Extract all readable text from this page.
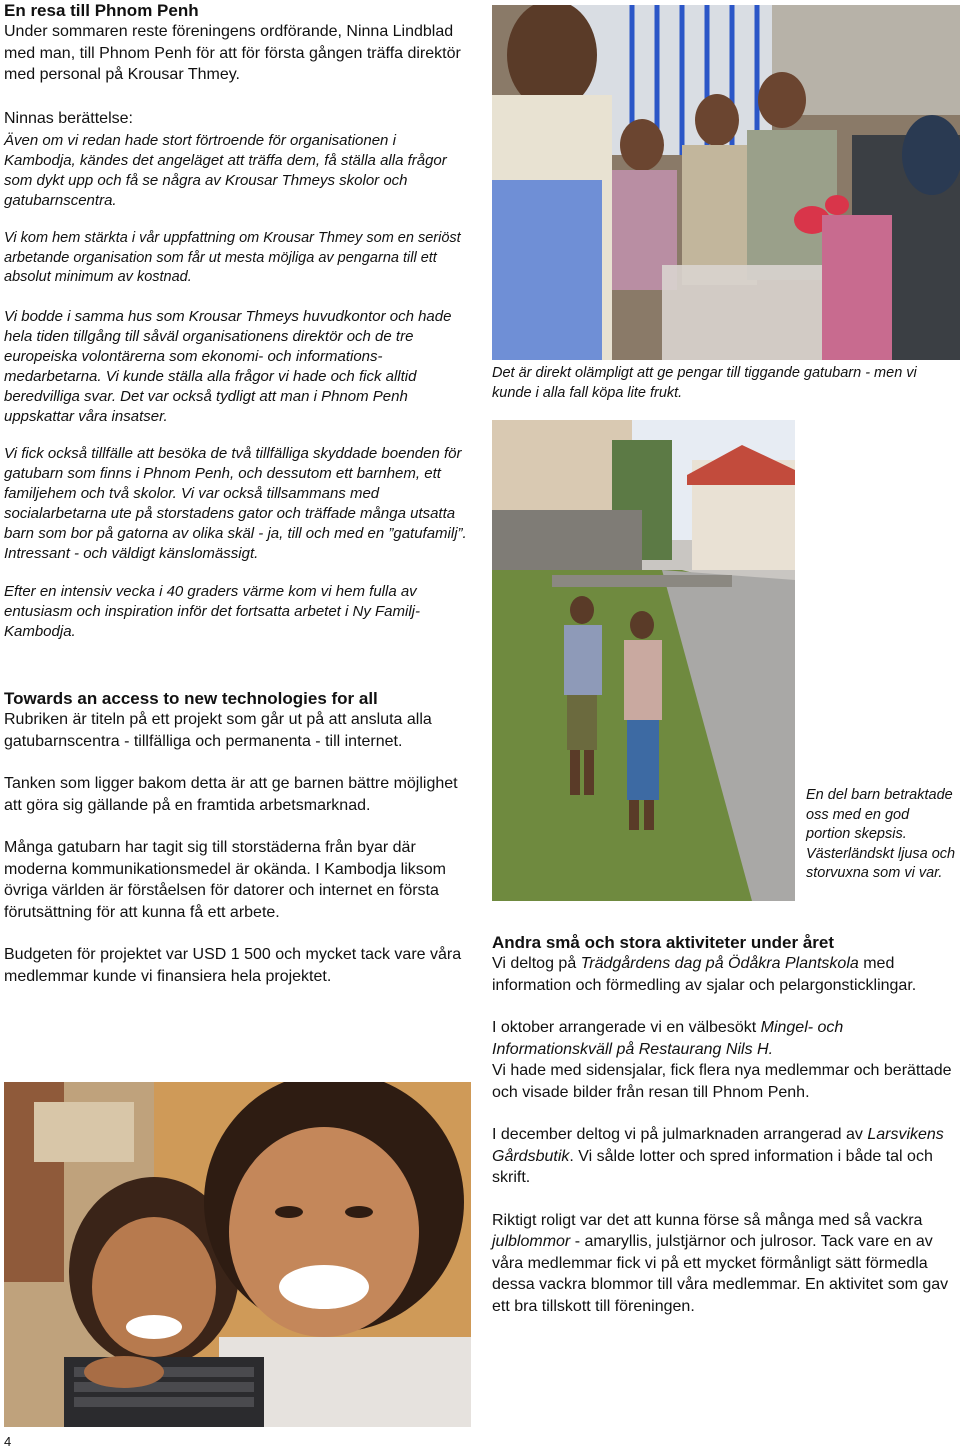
En resa till Phnom Penh

Under sommaren reste föreningens ordförande, Ninna Lindblad med man, till Phnom Penh för att för första gången träffa direktör med personal på Krousar Thmey.

Ninnas berättelse:

Även om vi redan hade stort förtroende för organisationen i Kambodja, kändes det angeläget att träffa dem, få ställa alla frågor som dykt upp och få se några av Krousar Thmeys skolor och gatubarnscentra.

Vi kom hem stärkta i vår uppfattning om Krousar Thmey som en seriöst arbetande organisation som får ut mesta möjliga av pengarna till ett absolut minimum av kostnad.
Vi bodde i samma hus som Krousar Thmeys huvudkontor och hade hela tiden tillgång till såväl organisationens direktör och de tre europeiska volontärerna som ekonomi- och informations-medarbetarna. Vi kunde ställa alla frågor vi hade och fick alltid beredvilliga svar. Det var också tydligt att man i Phnom Penh uppskattar våra insatser.
Vi fick också tillfälle att besöka de två tillfälliga skyddade boenden för gatubarn som finns i Phnom Penh, och dessutom ett barnhem, ett familjehem och två skolor. Vi var också tillsammans med socialarbetarna ute på storstadens gator och träffade många utsatta barn som bor på gatorna av olika skäl - ja, till och med en ”gatufamilj”. Intressant - och väldigt känslomässigt.
Efter en intensiv vecka i 40 graders värme kom vi hem fulla av entusiasm och inspiration inför det fortsatta arbetet i Ny Familj-Kambodja.

Towards an access to new technologies for all

Rubriken är titeln på ett projekt som går ut på att ansluta alla gatubarnscentra - tillfälliga och permanenta - till internet.

Tanken som ligger bakom detta är att ge barnen bättre möjlighet att göra sig gällande på en framtida arbetsmarknad.

Många gatubarn har tagit sig till storstäderna från byar där moderna kommunikationsmedel är okända. I Kambodja liksom övriga världen är förståelsen för datorer och internet en första förutsättning för att kunna få ett arbete.

Budgeten för projektet var USD 1 500 och mycket tack vare våra medlemmar kunde vi finansiera hela projektet.

Det är direkt olämpligt att ge pengar till tiggande gatubarn - men vi kunde i alla fall köpa lite frukt.
En del barn betraktade oss med en god portion skepsis. Västerländskt ljusa och storvuxna som vi var.

Andra små och stora aktiviteter under året

Vi deltog på Trädgårdens dag på Ödåkra Plantskola med information och förmedling av sjalar och pelargonsticklingar.

I oktober arrangerade vi en välbesökt Mingel- och Informationskväll på Restaurang Nils H.
Vi hade med sidensjalar, fick flera nya medlemmar och berättade och visade bilder från resan till Phnom Penh.

I december deltog vi på julmarknaden arrangerad av Larsvikens Gårdsbutik. Vi sålde lotter och spred information i både tal och skrift.

Riktigt roligt var det att kunna förse så många med så vackra julblommor - amaryllis, julstjärnor och julrosor. Tack vare en av våra medlemmar fick vi på ett mycket förmånligt sätt förmedla dessa vackra blommor till våra medlemmar. En aktivitet som gav ett bra tillskott till föreningen.

4
